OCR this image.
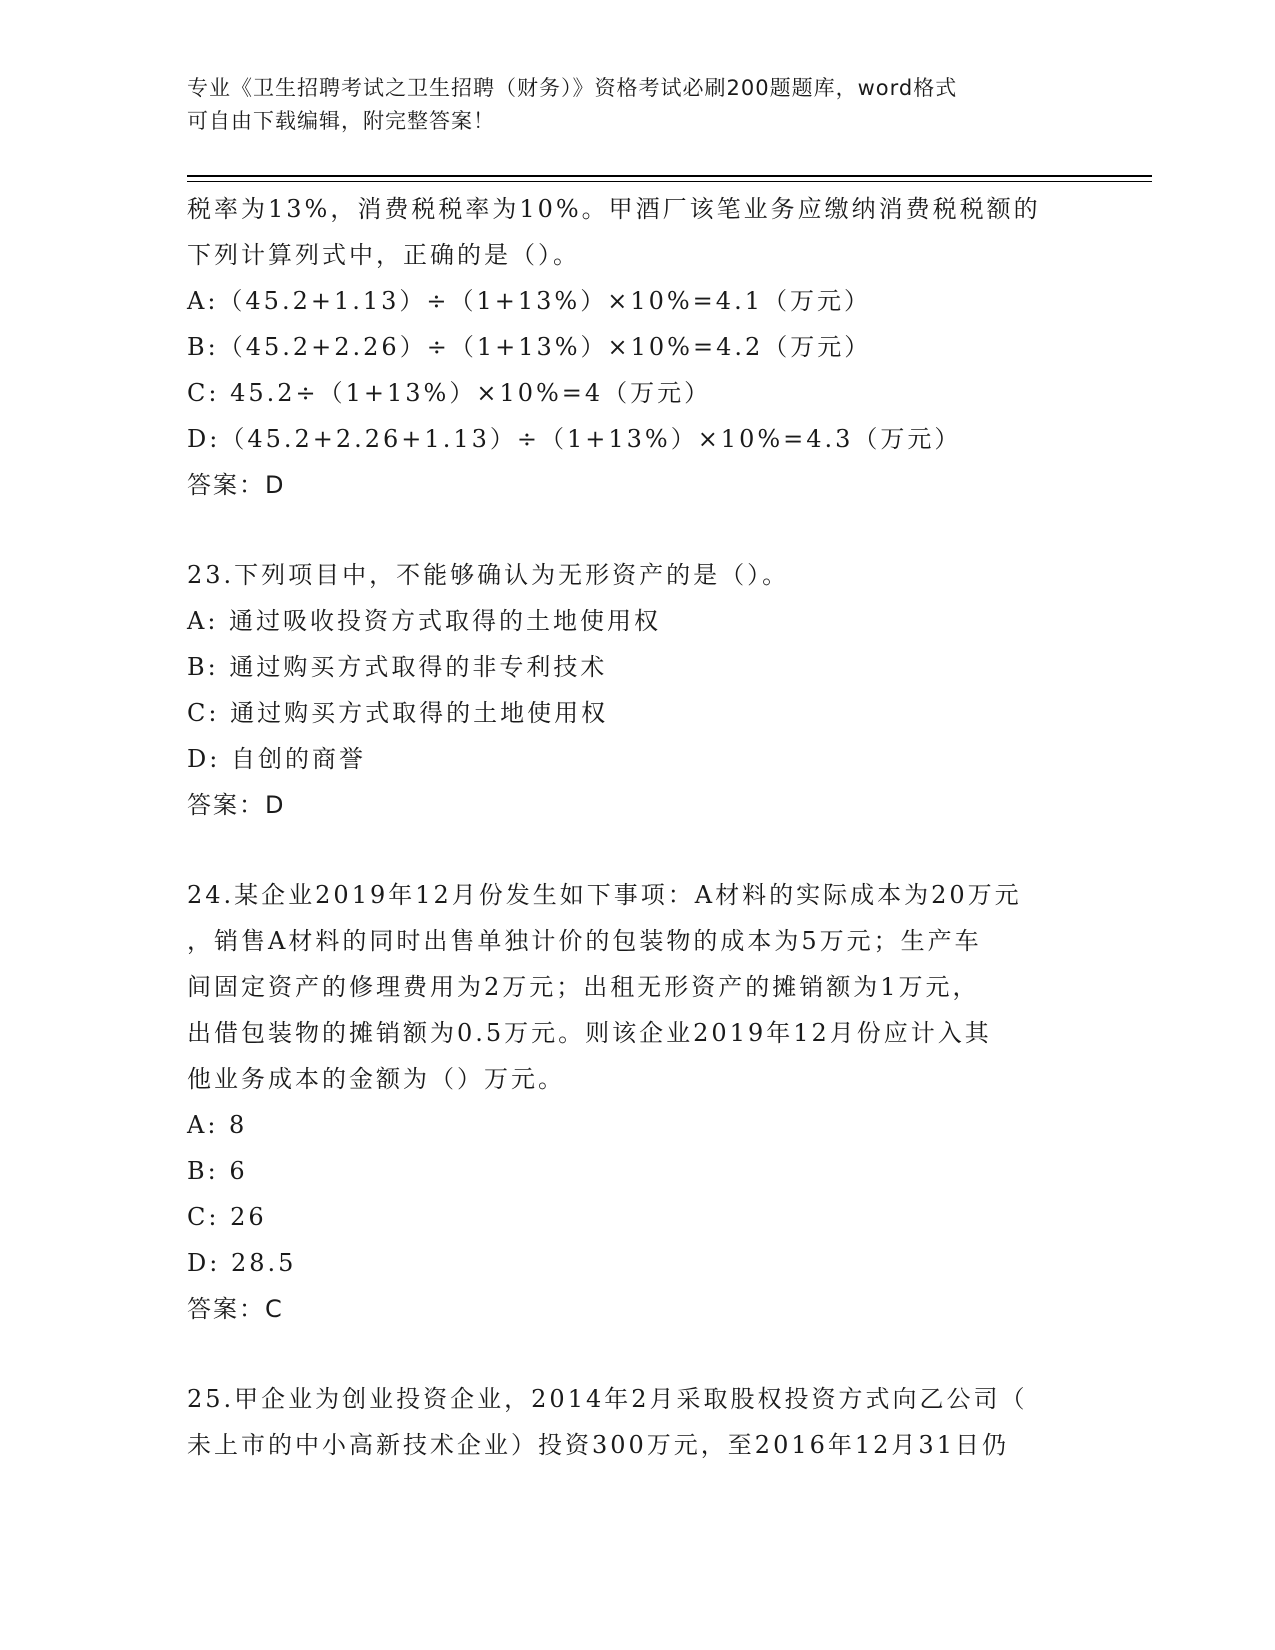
专业《卫生招聘考试之卫生招聘（财务）》资格考试必刷200题题库，word格式
可自由下载编辑，附完整答案！
税率为13%，消费税税率为10%。甲酒厂该笔业务应缴纳消费税税额的
下列计算列式中，正确的是（）。
A:（45.2+1.13）÷（1+13%）×10%=4.1（万元）
B:（45.2+2.26）÷（1+13%）×10%=4.2（万元）
C: 45.2÷（1+13%）×10%=4（万元）
D:（45.2+2.26+1.13）÷（1+13%）×10%=4.3（万元）
答案：D
23.下列项目中，不能够确认为无形资产的是（）。
A: 通过吸收投资方式取得的土地使用权
B: 通过购买方式取得的非专利技术
C: 通过购买方式取得的土地使用权
D: 自创的商誉
答案：D
24.某企业2019年12月份发生如下事项：A材料的实际成本为20万元
，销售A材料的同时出售单独计价的包装物的成本为5万元；生产车
间固定资产的修理费用为2万元；出租无形资产的摊销额为1万元，
出借包装物的摊销额为0.5万元。则该企业2019年12月份应计入其
他业务成本的金额为（）万元。
A: 8
B: 6
C: 26
D: 28.5
答案：C
25.甲企业为创业投资企业，2014年2月采取股权投资方式向乙公司（
未上市的中小高新技术企业）投资300万元，至2016年12月31日仍
